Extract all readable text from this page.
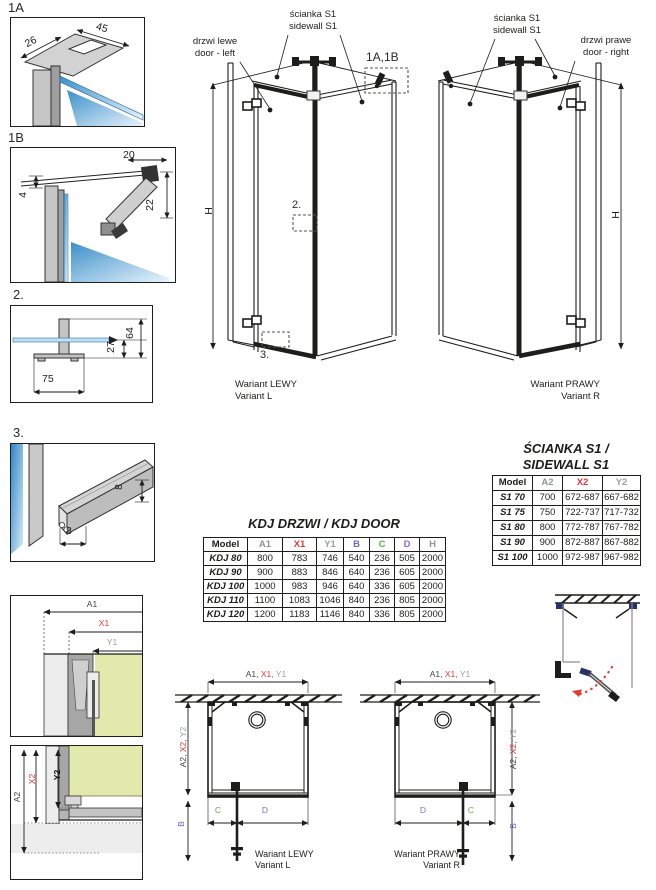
1A
26
45
1B
20
4
22
2.
64
27
75
3.
8
8
drzwi lewe
door - left
ścianka S1
sidewall S1
1A,1B
2.
3.
H
Wariant LEWY
Variant L
ścianka S1
sidewall S1
drzwi prawe
door - right
H
Wariant PRAWY
Variant R
ŚCIANKA S1 /
SIDEWALL S1
Model	A2	X2	Y2
S1 70	700	672-687	667-682
S1 75	750	722-737	717-732
S1 80	800	772-787	767-782
S1 90	900	872-887	867-882
S1 100	1000	972-987	967-982
KDJ DRZWI / KDJ DOOR
Model	A1	X1	Y1	B	C	D	H
KDJ 80	800	783	746	540	236	505	2000
KDJ 90	900	883	846	640	236	605	2000
KDJ 100	1000	983	946	640	336	605	2000
KDJ 110	1100	1083	1046	840	236	805	2000
KDJ 120	1200	1183	1146	840	336	805	2000
A1
X1
Y1
A2
X2 Y2
A1, X1, Y1
A2, X2, Y2
B
C	D
Wariant LEWY
Variant L
A1, X1, Y1
A2, X2, Y2
B
D	C
Wariant PRAWY
Variant R
